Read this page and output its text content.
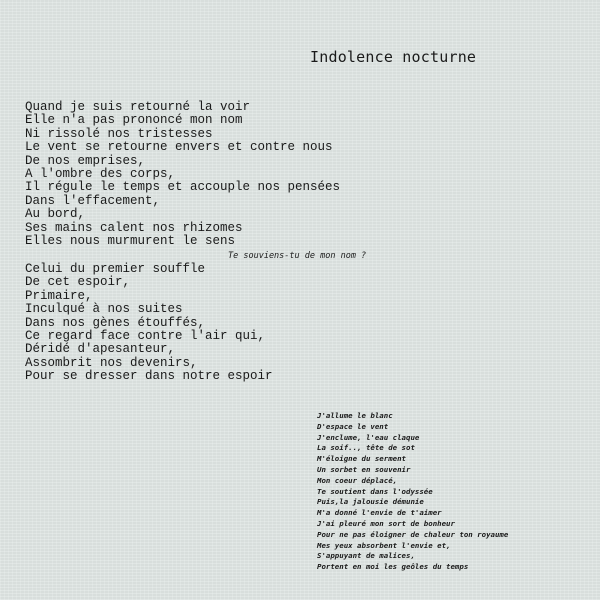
Indolence nocturne
Quand je suis retourné la voir
Elle n'a pas prononcé mon nom
Ni rissolé nos tristesses
Le vent se retourne envers et contre nous
De nos emprises,
A l'ombre des corps,
Il régule le temps et accouple nos pensées
Dans l'effacement,
Au bord,
Ses mains calent nos rhizomes
Elles nous murmurent le sens
Te souviens-tu de mon nom ?
Celui du premier souffle
De cet espoir,
Primaire,
Inculqué à nos suites
Dans nos gènes étouffés,
Ce regard face contre l'air qui,
Déridé d'apesanteur,
Assombrit nos devenirs,
Pour se dresser dans notre espoir
J'allume le blanc
D'espace le vent
J'enclume, l'eau claque
La soif.., tête de sot
M'éloigne du serment
Un sorbet en souvenir
Mon coeur déplacé,
Te soutient dans l'odyssée
Puis,la jalousie démunie
M'a donné l'envie de t'aimer
J'ai pleuré mon sort de bonheur
Pour ne pas éloigner de chaleur ton royaume
Mes yeux absorbent l'envie et,
S'appuyant de malices,
Portent en moi les geôles du temps
